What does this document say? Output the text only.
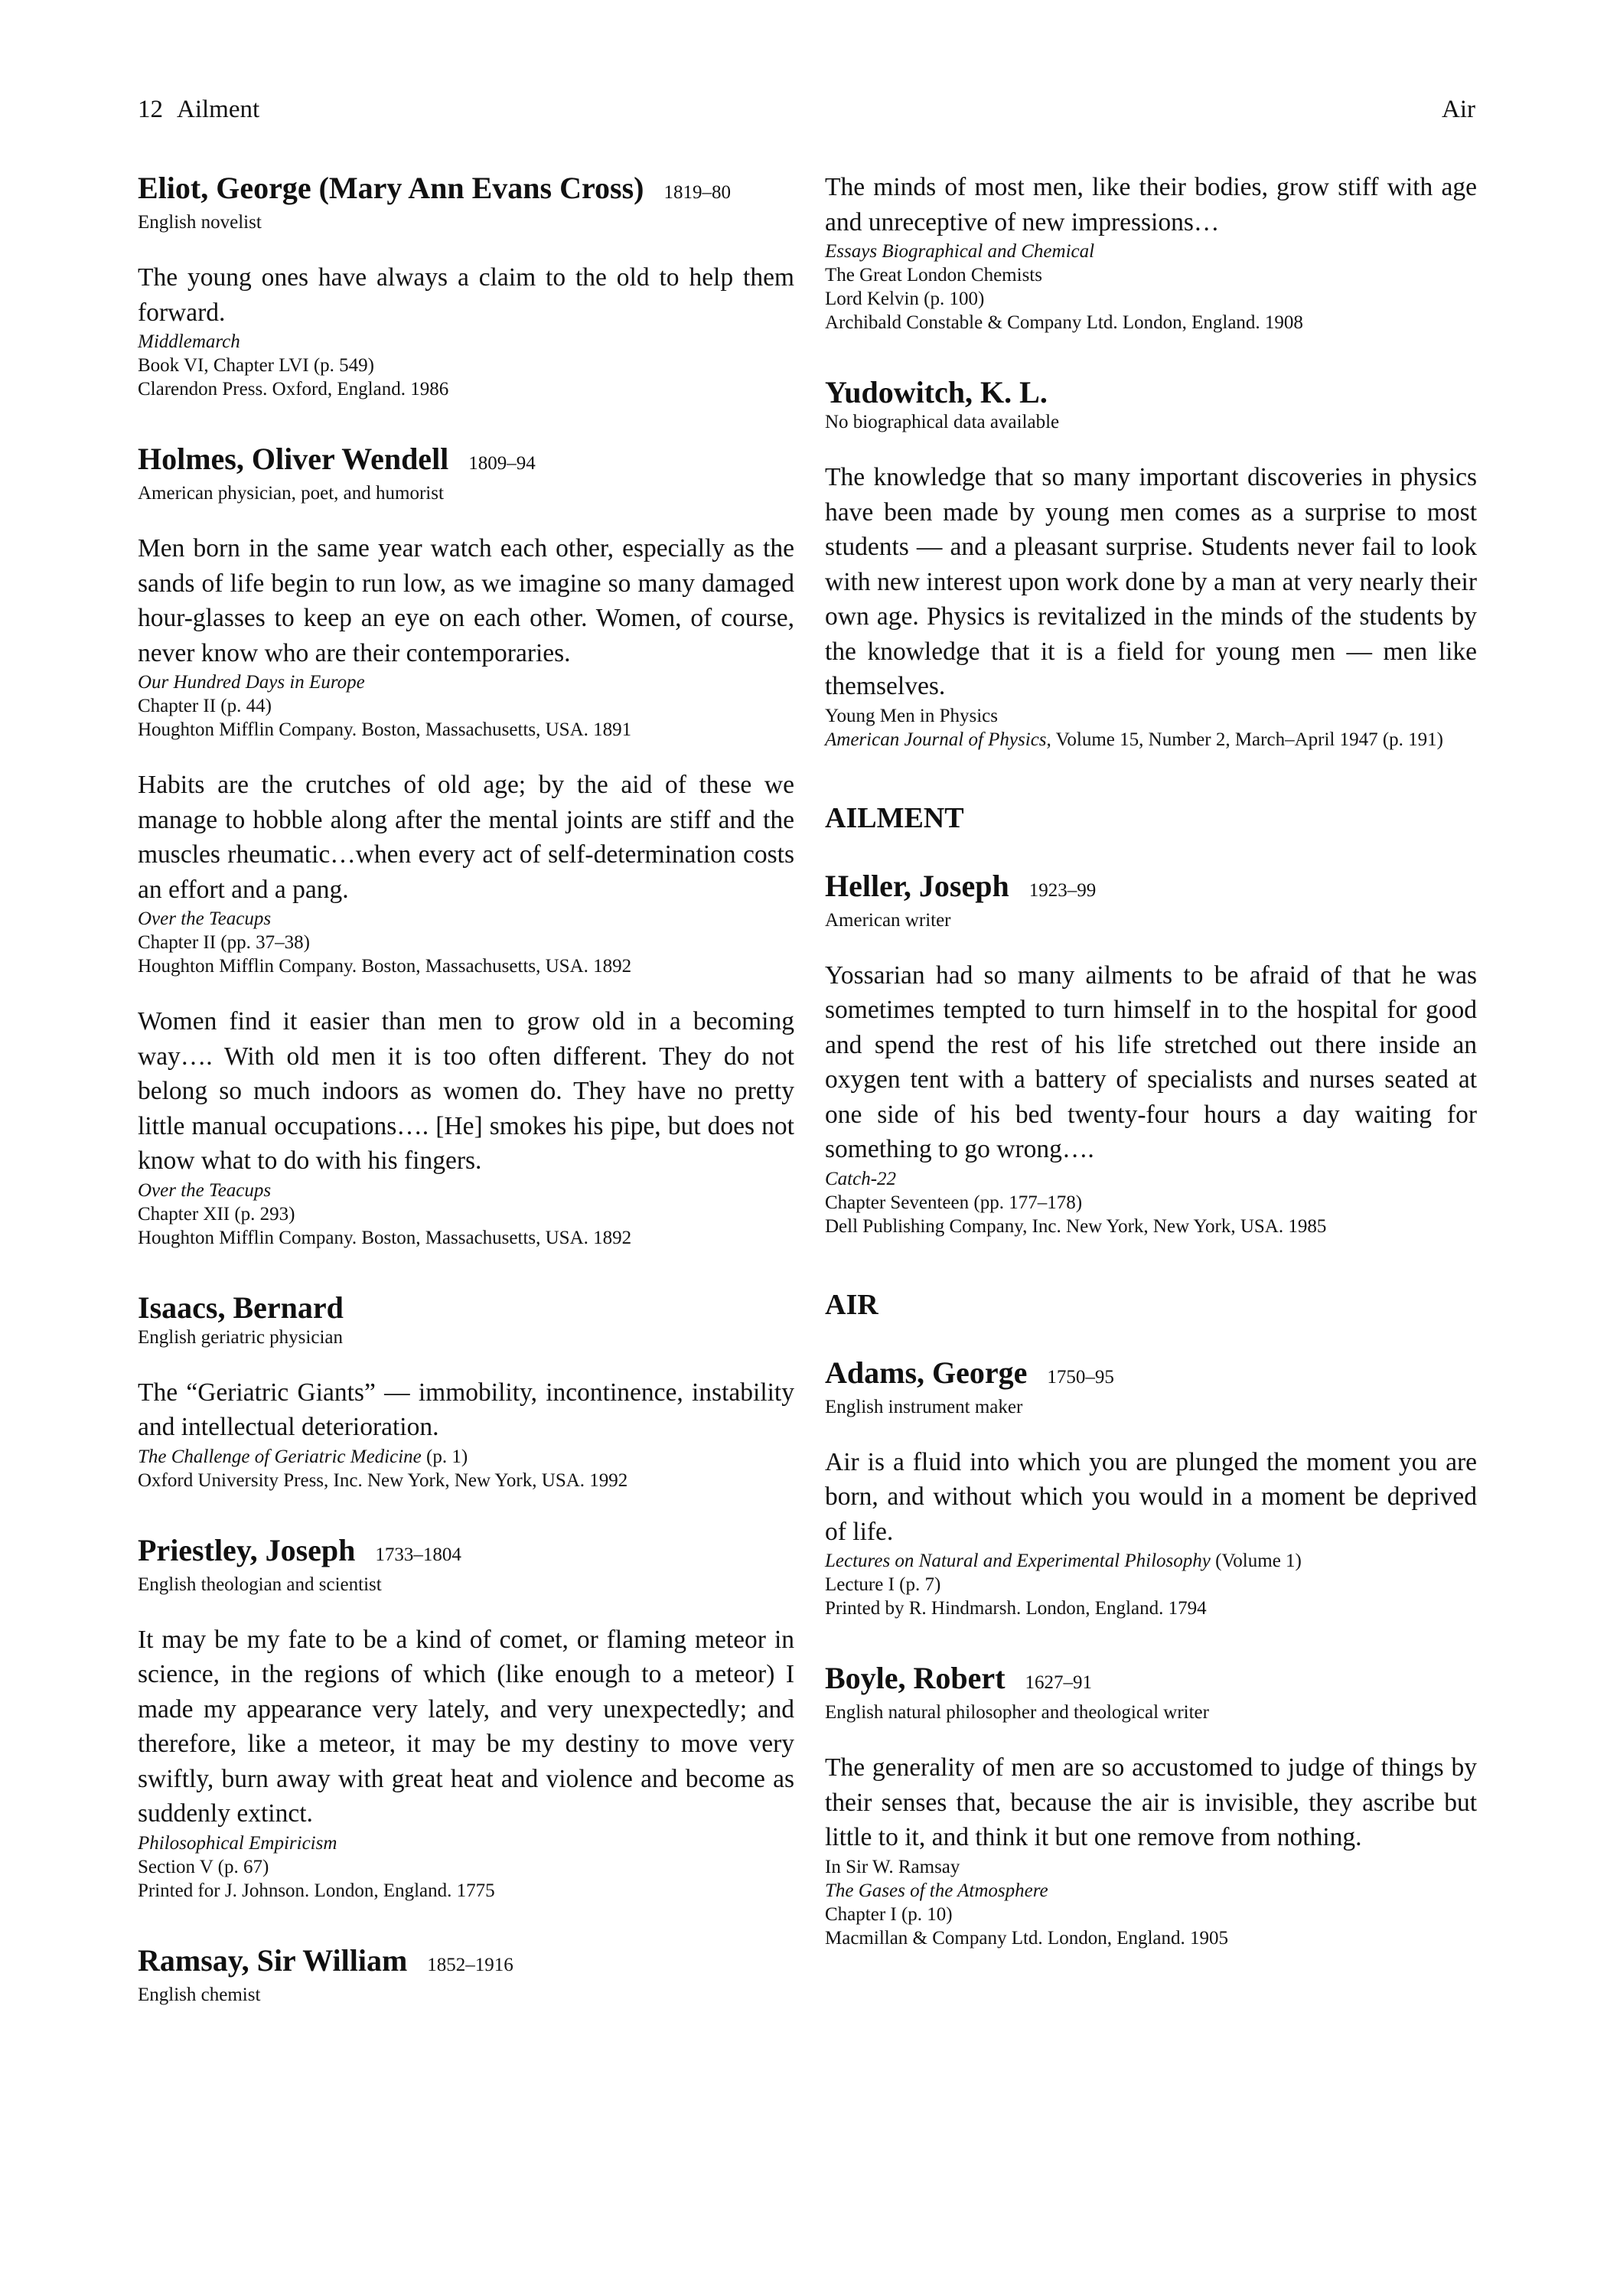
12 Ailment	Air
Eliot, George (Mary Ann Evans Cross) 1819–80
English novelist
The young ones have always a claim to the old to help them forward.
Middlemarch
Book VI, Chapter LVI (p. 549)
Clarendon Press. Oxford, England. 1986
Holmes, Oliver Wendell 1809–94
American physician, poet, and humorist
Men born in the same year watch each other, especially as the sands of life begin to run low, as we imagine so many damaged hour-glasses to keep an eye on each other. Women, of course, never know who are their contemporaries.
Our Hundred Days in Europe
Chapter II (p. 44)
Houghton Mifflin Company. Boston, Massachusetts, USA. 1891
Habits are the crutches of old age; by the aid of these we manage to hobble along after the mental joints are stiff and the muscles rheumatic…when every act of self-determination costs an effort and a pang.
Over the Teacups
Chapter II (pp. 37–38)
Houghton Mifflin Company. Boston, Massachusetts, USA. 1892
Women find it easier than men to grow old in a becoming way…. With old men it is too often different. They do not belong so much indoors as women do. They have no pretty little manual occupations…. [He] smokes his pipe, but does not know what to do with his fingers.
Over the Teacups
Chapter XII (p. 293)
Houghton Mifflin Company. Boston, Massachusetts, USA. 1892
Isaacs, Bernard
English geriatric physician
The “Geriatric Giants” — immobility, incontinence, instability and intellectual deterioration.
The Challenge of Geriatric Medicine (p. 1)
Oxford University Press, Inc. New York, New York, USA. 1992
Priestley, Joseph 1733–1804
English theologian and scientist
It may be my fate to be a kind of comet, or flaming meteor in science, in the regions of which (like enough to a meteor) I made my appearance very lately, and very unexpectedly; and therefore, like a meteor, it may be my destiny to move very swiftly, burn away with great heat and violence and become as suddenly extinct.
Philosophical Empiricism
Section V (p. 67)
Printed for J. Johnson. London, England. 1775
Ramsay, Sir William 1852–1916
English chemist
The minds of most men, like their bodies, grow stiff with age and unreceptive of new impressions…
Essays Biographical and Chemical
The Great London Chemists
Lord Kelvin (p. 100)
Archibald Constable & Company Ltd. London, England. 1908
Yudowitch, K. L.
No biographical data available
The knowledge that so many important discoveries in physics have been made by young men comes as a surprise to most students — and a pleasant surprise. Students never fail to look with new interest upon work done by a man at very nearly their own age. Physics is revitalized in the minds of the students by the knowledge that it is a field for young men — men like themselves.
Young Men in Physics
American Journal of Physics, Volume 15, Number 2, March–April 1947 (p. 191)
AILMENT
Heller, Joseph 1923–99
American writer
Yossarian had so many ailments to be afraid of that he was sometimes tempted to turn himself in to the hospital for good and spend the rest of his life stretched out there inside an oxygen tent with a battery of specialists and nurses seated at one side of his bed twenty-four hours a day waiting for something to go wrong….
Catch-22
Chapter Seventeen (pp. 177–178)
Dell Publishing Company, Inc. New York, New York, USA. 1985
AIR
Adams, George 1750–95
English instrument maker
Air is a fluid into which you are plunged the moment you are born, and without which you would in a moment be deprived of life.
Lectures on Natural and Experimental Philosophy (Volume 1)
Lecture I (p. 7)
Printed by R. Hindmarsh. London, England. 1794
Boyle, Robert 1627–91
English natural philosopher and theological writer
The generality of men are so accustomed to judge of things by their senses that, because the air is invisible, they ascribe but little to it, and think it but one remove from nothing.
In Sir W. Ramsay
The Gases of the Atmosphere
Chapter I (p. 10)
Macmillan & Company Ltd. London, England. 1905
